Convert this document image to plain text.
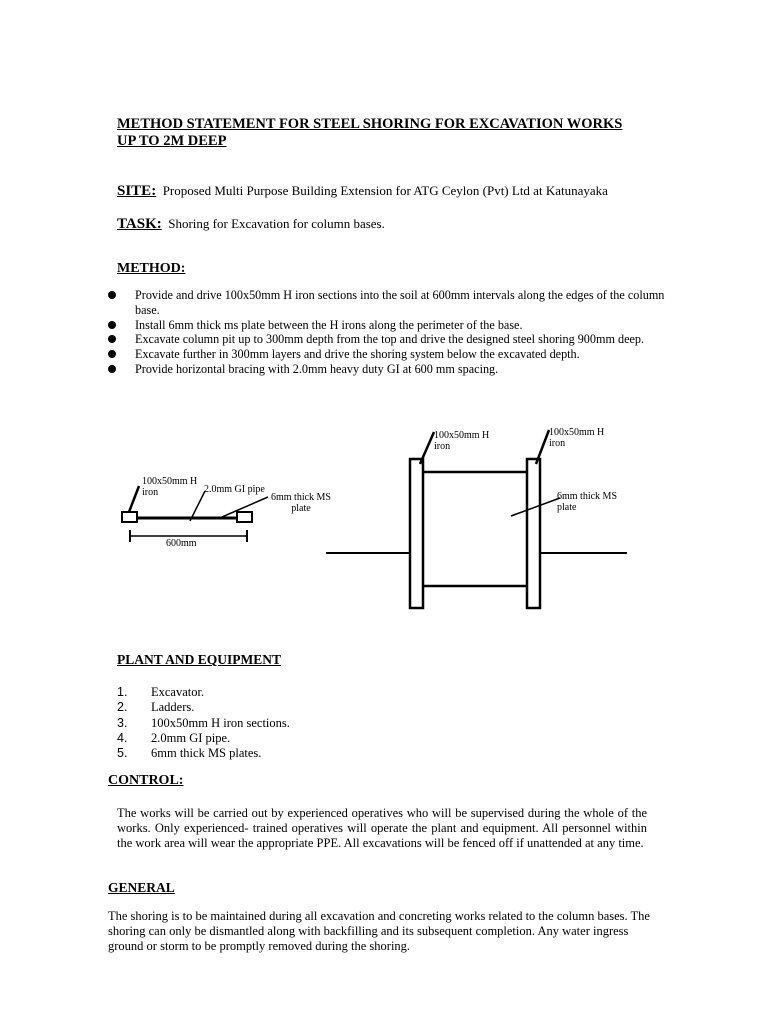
METHOD STATEMENT FOR STEEL SHORING FOR EXCAVATION WORKS UP TO 2M DEEP
SITE: Proposed Multi Purpose Building Extension for ATG Ceylon (Pvt) Ltd at Katunayaka
TASK: Shoring for Excavation for column bases.
METHOD:
Provide and drive 100x50mm H iron sections into the soil at 600mm intervals along the edges of the column base.
Install 6mm thick ms plate between the H irons along the perimeter of the base.
Excavate column pit up to 300mm depth from the top and drive the designed steel shoring 900mm deep.
Excavate further in 300mm layers and drive the shoring system below the excavated depth.
Provide horizontal bracing with 2.0mm heavy duty GI at 600 mm spacing.
100x50mm H iron	2.0mm GI pipe
6mm thick MS plate
600mm
100x50mm H iron
100x50mm H iron
6mm thick MS plate
PLANT AND EQUIPMENT
1.	Excavator.
2.	Ladders.
3.	100x50mm H iron sections.
4.	2.0mm GI pipe.
5.	6mm thick MS plates.
CONTROL:
The works will be carried out by experienced operatives who will be supervised during the whole of the works. Only experienced- trained operatives will operate the plant and equipment. All personnel within the work area will wear the appropriate PPE. All excavations will be fenced off if unattended at any time.
GENERAL
The shoring is to be maintained during all excavation and concreting works related to the column bases. The shoring can only be dismantled along with backfilling and its subsequent completion. Any water ingress ground or storm to be promptly removed during the shoring.
